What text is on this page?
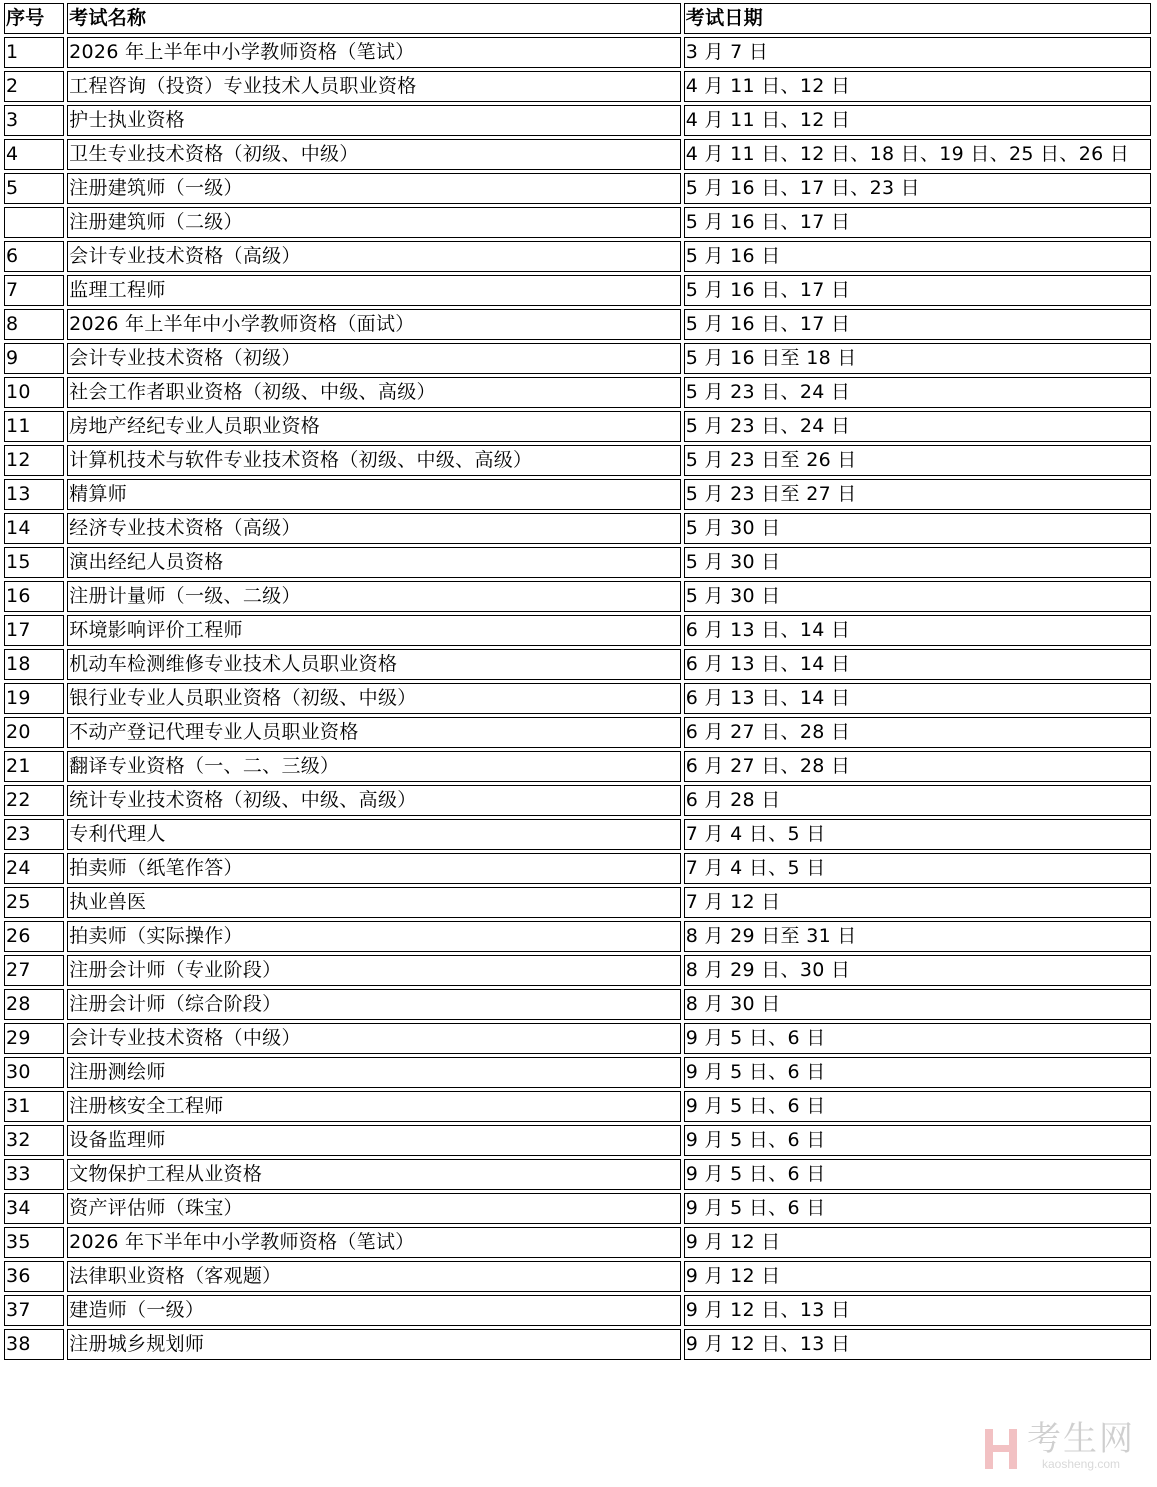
序号	考试名称	考试日期
1	2026 年上半年中小学教师资格（笔试）	3 月 7 日
2	工程咨询（投资）专业技术人员职业资格	4 月 11 日、12 日
3	护士执业资格	4 月 11 日、12 日
4	卫生专业技术资格（初级、中级）	4 月 11 日、12 日、18 日、19 日、25 日、26 日
5	注册建筑师（一级）	5 月 16 日、17 日、23 日
	注册建筑师（二级）	5 月 16 日、17 日
6	会计专业技术资格（高级）	5 月 16 日
7	监理工程师	5 月 16 日、17 日
8	2026 年上半年中小学教师资格（面试）	5 月 16 日、17 日
9	会计专业技术资格（初级）	5 月 16 日至 18 日
10	社会工作者职业资格（初级、中级、高级）	5 月 23 日、24 日
11	房地产经纪专业人员职业资格	5 月 23 日、24 日
12	计算机技术与软件专业技术资格（初级、中级、高级）	5 月 23 日至 26 日
13	精算师	5 月 23 日至 27 日
14	经济专业技术资格（高级）	5 月 30 日
15	演出经纪人员资格	5 月 30 日
16	注册计量师（一级、二级）	5 月 30 日
17	环境影响评价工程师	6 月 13 日、14 日
18	机动车检测维修专业技术人员职业资格	6 月 13 日、14 日
19	银行业专业人员职业资格（初级、中级）	6 月 13 日、14 日
20	不动产登记代理专业人员职业资格	6 月 27 日、28 日
21	翻译专业资格（一、二、三级）	6 月 27 日、28 日
22	统计专业技术资格（初级、中级、高级）	6 月 28 日
23	专利代理人	7 月 4 日、5 日
24	拍卖师（纸笔作答）	7 月 4 日、5 日
25	执业兽医	7 月 12 日
26	拍卖师（实际操作）	8 月 29 日至 31 日
27	注册会计师（专业阶段）	8 月 29 日、30 日
28	注册会计师（综合阶段）	8 月 30 日
29	会计专业技术资格（中级）	9 月 5 日、6 日
30	注册测绘师	9 月 5 日、6 日
31	注册核安全工程师	9 月 5 日、6 日
32	设备监理师	9 月 5 日、6 日
33	文物保护工程从业资格	9 月 5 日、6 日
34	资产评估师（珠宝）	9 月 5 日、6 日
35	2026 年下半年中小学教师资格（笔试）	9 月 12 日
36	法律职业资格（客观题）	9 月 12 日
37	建造师（一级）	9 月 12 日、13 日
38	注册城乡规划师	9 月 12 日、13 日
考生网
kaosheng.com
